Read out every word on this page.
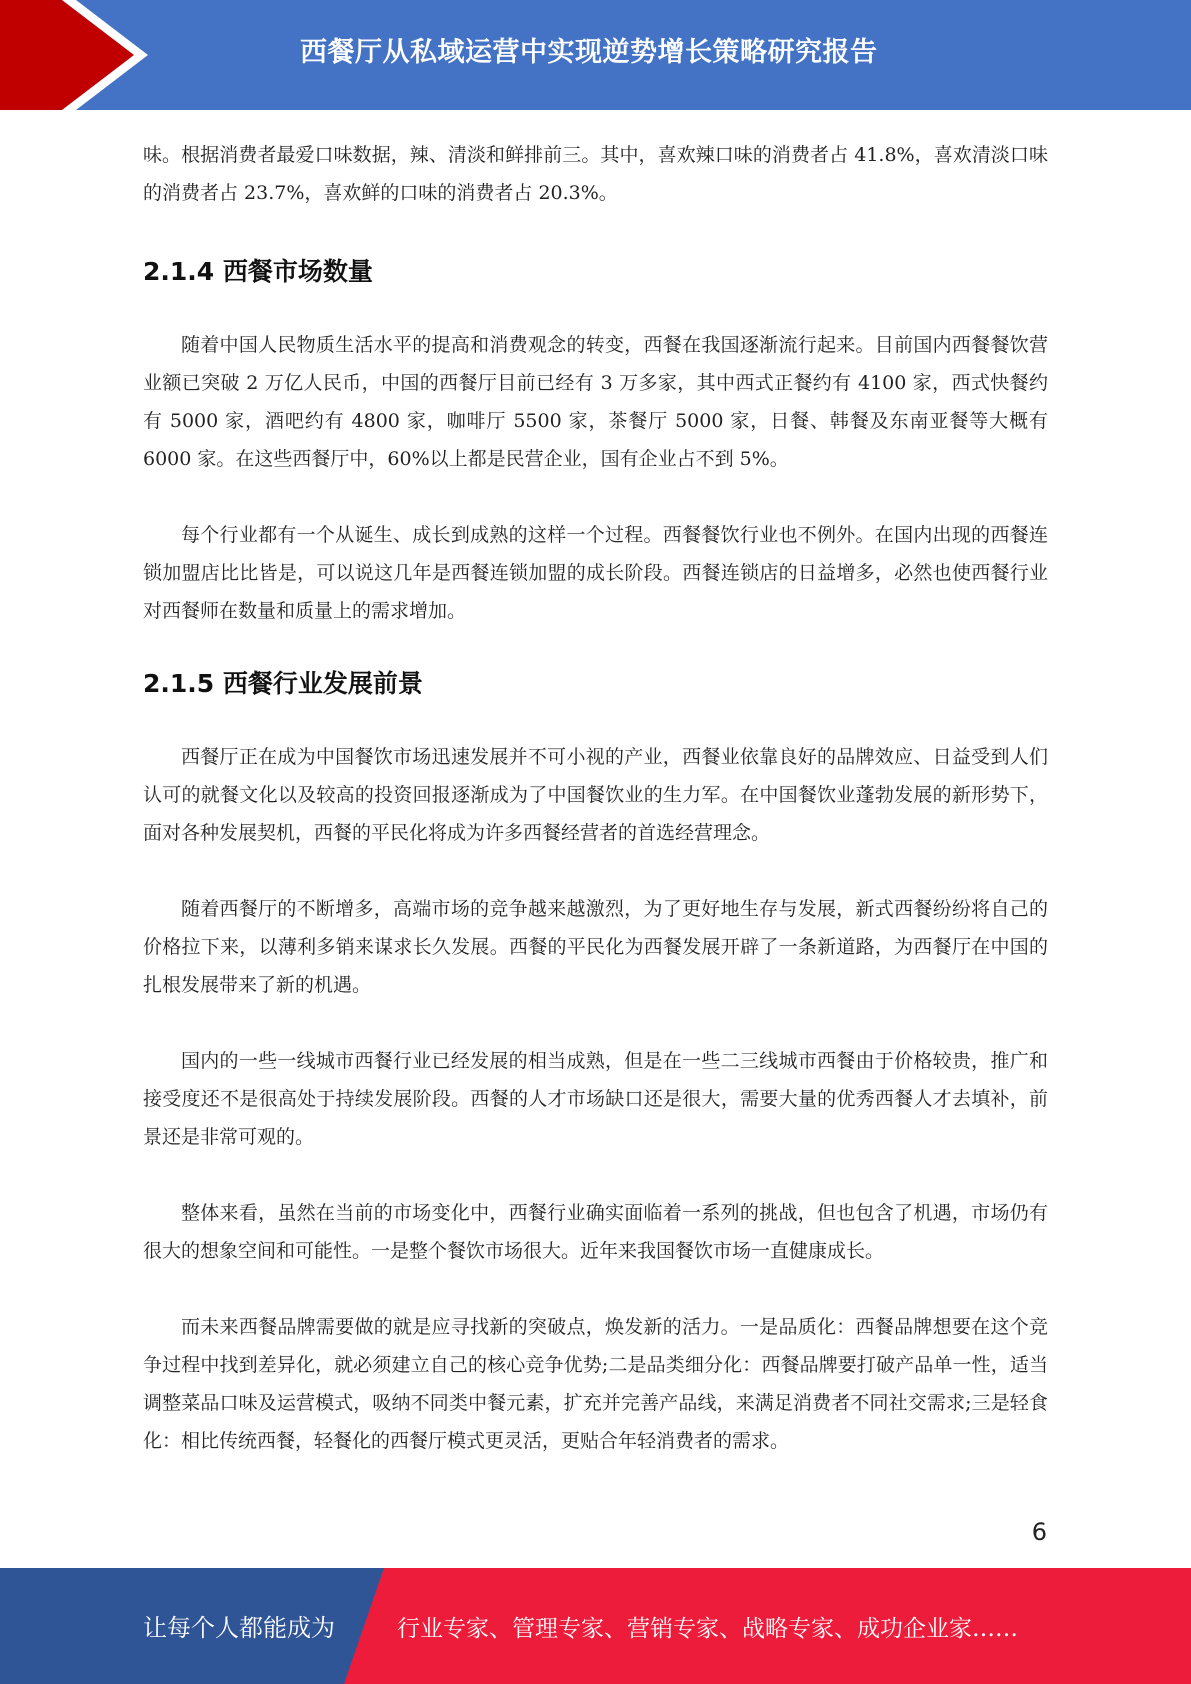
西餐厅从私域运营中实现逆势增长策略研究报告

味。根据消费者最爱口味数据，辣、清淡和鲜排前三。其中，喜欢辣口味的消费者占 41.8%，喜欢清淡口味的消费者占 23.7%，喜欢鲜的口味的消费者占 20.3%。

2.1.4 西餐市场数量

随着中国人民物质生活水平的提高和消费观念的转变，西餐在我国逐渐流行起来。目前国内西餐餐饮营业额已突破 2 万亿人民币，中国的西餐厅目前已经有 3 万多家，其中西式正餐约有 4100 家，西式快餐约有 5000 家，酒吧约有 4800 家，咖啡厅 5500 家，茶餐厅 5000 家，日餐、韩餐及东南亚餐等大概有 6000 家。在这些西餐厅中，60%以上都是民营企业，国有企业占不到 5%。

每个行业都有一个从诞生、成长到成熟的这样一个过程。西餐餐饮行业也不例外。在国内出现的西餐连锁加盟店比比皆是，可以说这几年是西餐连锁加盟的成长阶段。西餐连锁店的日益增多，必然也使西餐行业对西餐师在数量和质量上的需求增加。

2.1.5 西餐行业发展前景

西餐厅正在成为中国餐饮市场迅速发展并不可小视的产业，西餐业依靠良好的品牌效应、日益受到人们认可的就餐文化以及较高的投资回报逐渐成为了中国餐饮业的生力军。在中国餐饮业蓬勃发展的新形势下，面对各种发展契机，西餐的平民化将成为许多西餐经营者的首选经营理念。

随着西餐厅的不断增多，高端市场的竞争越来越激烈，为了更好地生存与发展，新式西餐纷纷将自己的价格拉下来，以薄利多销来谋求长久发展。西餐的平民化为西餐发展开辟了一条新道路，为西餐厅在中国的扎根发展带来了新的机遇。

国内的一些一线城市西餐行业已经发展的相当成熟，但是在一些二三线城市西餐由于价格较贵，推广和接受度还不是很高处于持续发展阶段。西餐的人才市场缺口还是很大，需要大量的优秀西餐人才去填补，前景还是非常可观的。

整体来看，虽然在当前的市场变化中，西餐行业确实面临着一系列的挑战，但也包含了机遇，市场仍有很大的想象空间和可能性。一是整个餐饮市场很大。近年来我国餐饮市场一直健康成长。

而未来西餐品牌需要做的就是应寻找新的突破点，焕发新的活力。一是品质化：西餐品牌想要在这个竞争过程中找到差异化，就必须建立自己的核心竞争优势;二是品类细分化：西餐品牌要打破产品单一性，适当调整菜品口味及运营模式，吸纳不同类中餐元素，扩充并完善产品线，来满足消费者不同社交需求;三是轻食化：相比传统西餐，轻餐化的西餐厅模式更灵活，更贴合年轻消费者的需求。

6
让每个人都能成为	行业专家、管理专家、营销专家、战略专家、成功企业家……
